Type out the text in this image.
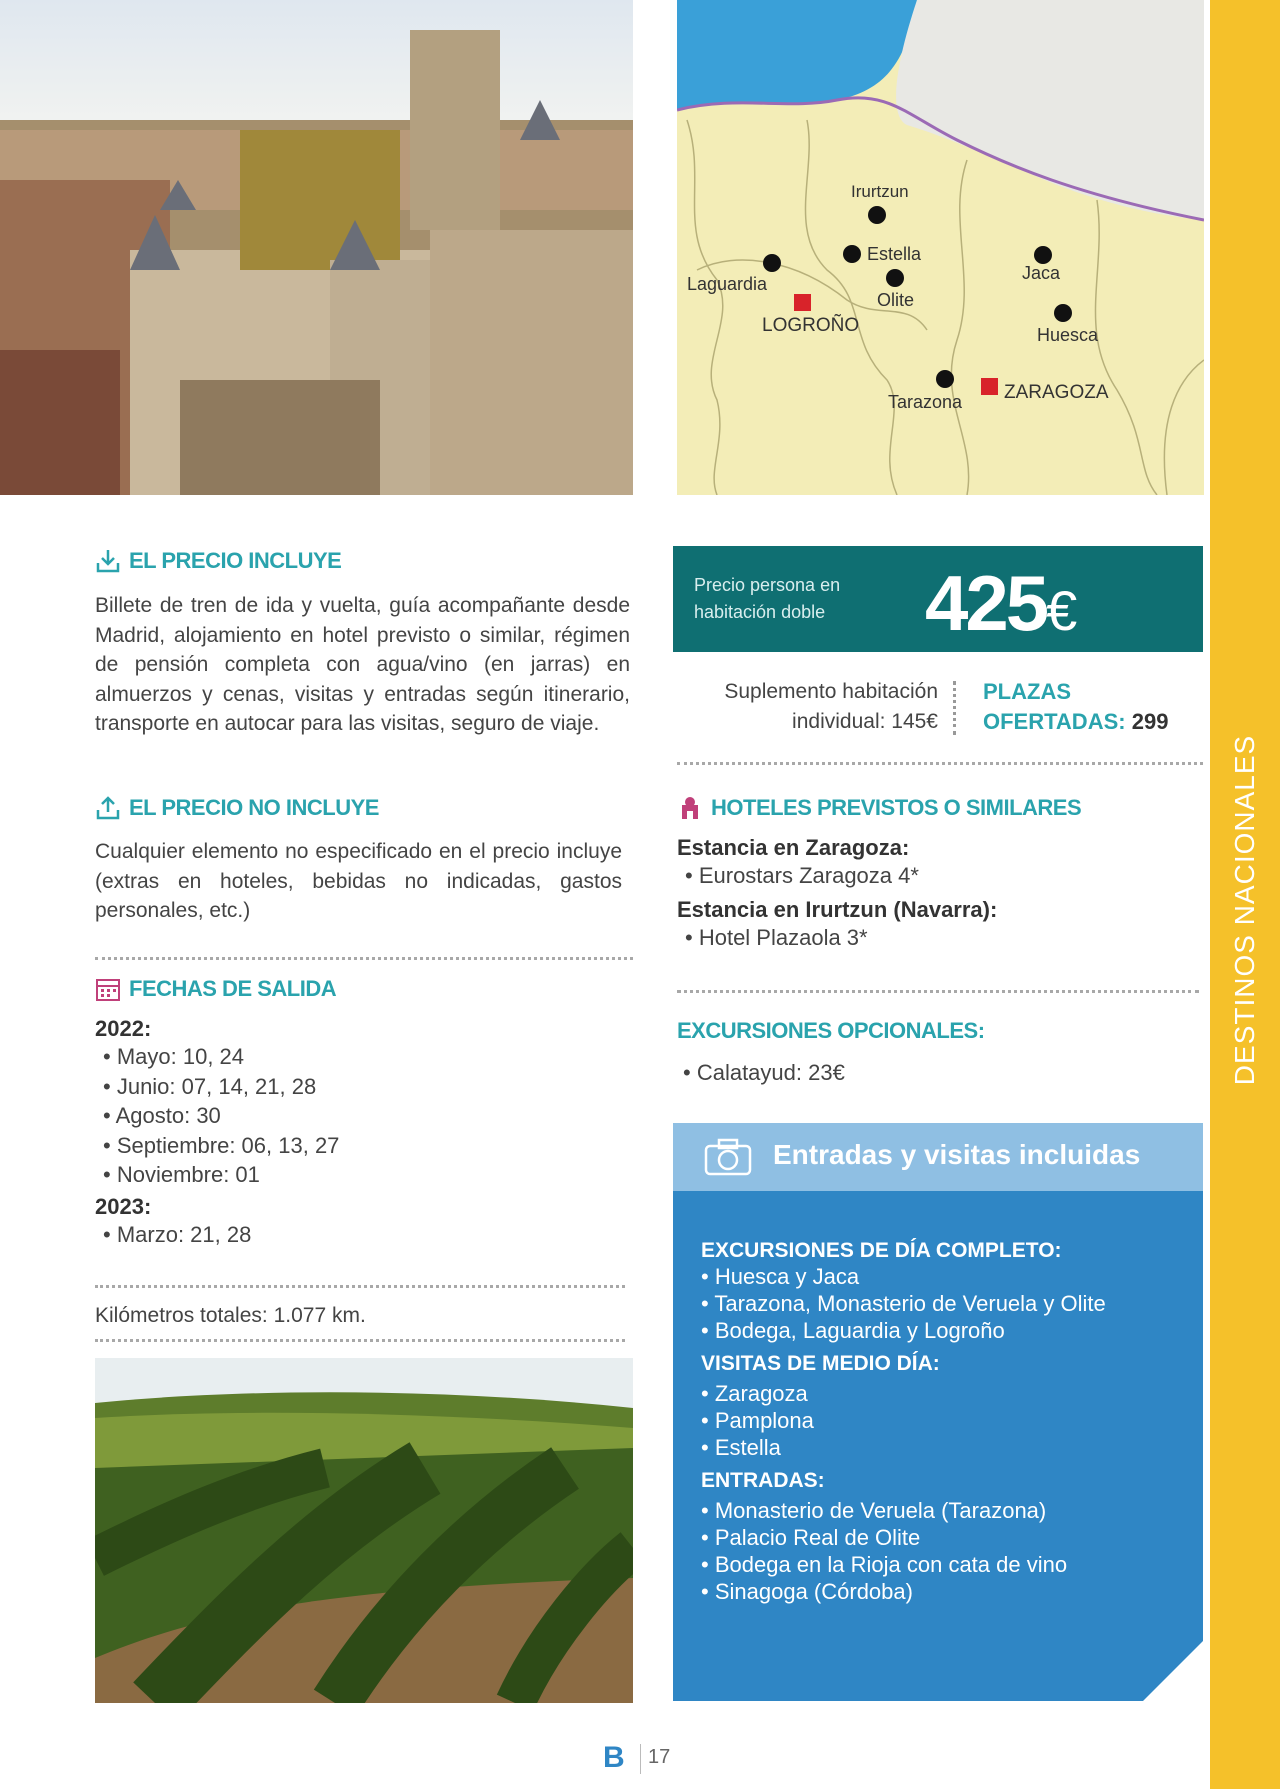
Irurtzun
Estella
Laguardia
Olite
Jaca
Huesca
Tarazona
LOGROÑO
ZARAGOZA
DESTINOS NACIONALES
EL PRECIO INCLUYE
Billete de tren de ida y vuelta, guía acompañante desde Madrid, alojamiento en hotel previsto o similar, régimen de pensión completa con agua/vino (en jarras) en almuerzos y cenas, visitas y entradas según itinerario, transporte en autocar para las visitas, seguro de viaje.
EL PRECIO NO INCLUYE
Cualquier elemento no especificado en el precio incluye (extras en hoteles, bebidas no indicadas, gastos personales, etc.)
FECHAS DE SALIDA
2022:
• Mayo: 10, 24
• Junio: 07, 14, 21, 28
• Agosto: 30
• Septiembre: 06, 13, 27
• Noviembre: 01
2023:
• Marzo: 21, 28
Kilómetros totales: 1.077 km.
Precio persona en habitación doble	425€
Suplemento habitación individual: 145€
PLAZAS OFERTADAS: 299
HOTELES PREVISTOS O SIMILARES
Estancia en Zaragoza:
• Eurostars Zaragoza 4*
Estancia en Irurtzun (Navarra):
• Hotel Plazaola 3*
EXCURSIONES OPCIONALES:
• Calatayud: 23€
Entradas y visitas incluidas
EXCURSIONES DE DÍA COMPLETO:
• Huesca y Jaca
• Tarazona, Monasterio de Veruela y Olite
• Bodega, Laguardia y Logroño
VISITAS DE MEDIO DÍA:
• Zaragoza
• Pamplona
• Estella
ENTRADAS:
• Monasterio de Veruela (Tarazona)
• Palacio Real de Olite
• Bodega en la Rioja con cata de vino
• Sinagoga (Córdoba)
B 17
